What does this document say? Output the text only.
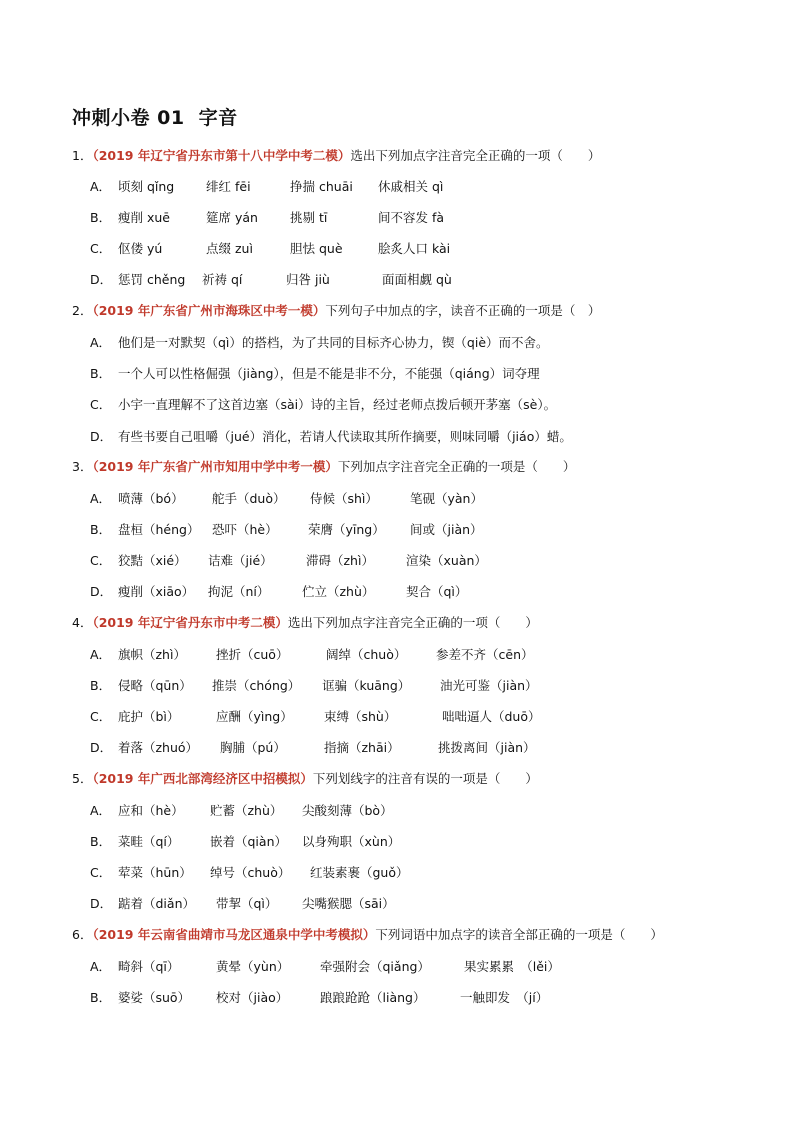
冲刺小卷 01 字音
1．（2019 年辽宁省丹东市第十八中学中考二模）选出下列加点字注音完全正确的一项（　　）
A． 顷刻 qǐng	绯红 fēi	挣揣 chuāi 休戚相关 qì
B． 瘦削 xuē	筵席 yán	挑剔 tī	间不容发 fà
C． 伛偻 yú	点缀 zuì	胆怯 què	脍炙人口 kài
D． 惩罚 chěng 祈祷 qí	归咎 jiù	面面相觑 qù
2．（2019 年广东省广州市海珠区中考一模）下列句子中加点的字，读音不正确的一项是（　）
A． 他们是一对默契（qì）的搭档，为了共同的目标齐心协力，锲（qiè）而不舍。
B． 一个人可以性格倔强（jiàng），但是不能是非不分，不能强（qiáng）词夺理
C． 小宇一直理解不了这首边塞（sài）诗的主旨，经过老师点拨后顿开茅塞（sè）。
D． 有些书要自己咀嚼（jué）消化，若请人代读取其所作摘要，则味同嚼（jiáo）蜡。
3．（2019 年广东省广州市知用中学中考一模）下列加点字注音完全正确的一项是（　　）
A． 喷薄（bó） 舵手（duò） 侍候（shì）	笔砚（yàn）
B． 盘桓（héng） 恐吓（hè） 荣膺（yīng） 间或（jiàn）
C． 狡黠（xié） 诘难（jié）	滞碍（zhì）	渲染（xuàn）
D． 瘦削（xiāo） 拘泥（ní）	伫立（zhù）	契合（qì）
4．（2019 年辽宁省丹东市中考二模）选出下列加点字注音完全正确的一项（　　）
A． 旗帜（zhì） 挫折（cuō）	阔绰（chuò） 参差不齐（cēn）
B． 侵略（qūn） 推崇（chóng） 诓骗（kuāng） 油光可鉴（jiàn）
C． 庇护（bì）	应酬（yìng）	束缚（shù）	咄咄逼人（duō）
D． 着落（zhuó） 胸脯（pú）	指摘（zhāi）	挑拨离间（jiàn）
5．（2019 年广西北部湾经济区中招模拟）下列划线字的注音有误的一项是（　　）
A． 应和（hè） 贮蓄（zhù） 尖酸刻薄（bò）
B． 菜畦（qí） 嵌着（qiàn） 以身殉职（xùn）
C． 荤菜（hūn） 绰号（chuò） 红装素裹（guǒ）
D． 踮着（diǎn） 带挈（qì） 尖嘴猴腮（sāi）
6．（2019 年云南省曲靖市马龙区通泉中学中考模拟）下列词语中加点字的读音全部正确的一项是（　　）
A． 畸斜（qī）	黄晕（yùn） 牵强附会（qiǎng）	果实累累　（lěi）
B． 婆娑（suō） 校对（jiào）	踉踉跄跄（liàng）	一触即发　（jí）
